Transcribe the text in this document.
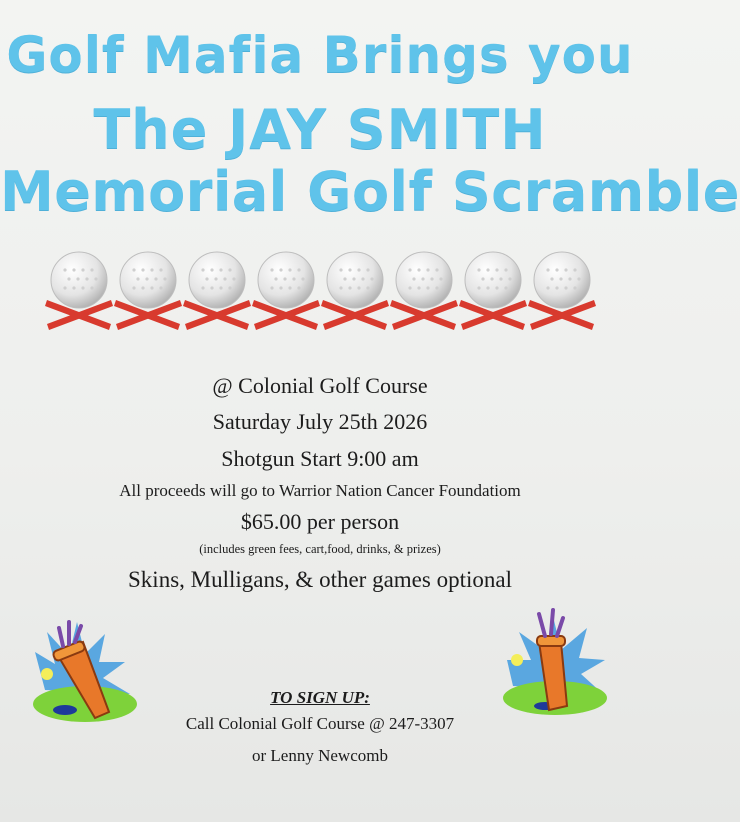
Golf Mafia Brings you
The JAY SMITH
Memorial Golf Scramble
@ Colonial Golf Course
Saturday July 25th 2026
Shotgun Start 9:00 am
All proceeds will go to Warrior Nation Cancer Foundatiom
$65.00 per person
(includes green fees, cart,food, drinks, & prizes)
Skins, Mulligans, & other games optional
TO SIGN UP:
Call Colonial Golf Course @ 247-3307
or Lenny Newcomb
